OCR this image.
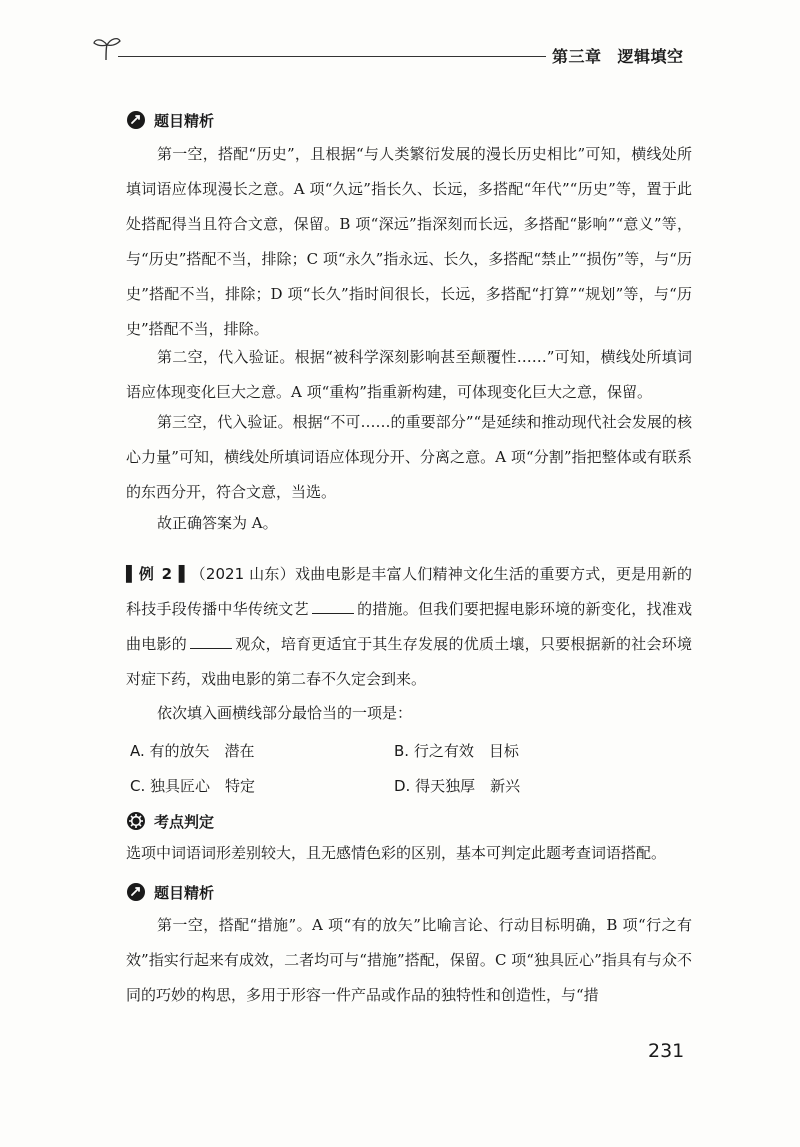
第三章 逻辑填空
题目精析

第一空，搭配“历史”，且根据“与人类繁衍发展的漫长历史相比”可知，横线处所填词语应体现漫长之意。A 项“久远”指长久、长远，多搭配“年代”“历史”等，置于此处搭配得当且符合文意，保留。B 项“深远”指深刻而长远，多搭配“影响”“意义”等，与“历史”搭配不当，排除；C 项“永久”指永远、长久，多搭配“禁止”“损伤”等，与“历史”搭配不当，排除；D 项“长久”指时间很长，长远，多搭配“打算”“规划”等，与“历史”搭配不当，排除。

第二空，代入验证。根据“被科学深刻影响甚至颠覆性……”可知，横线处所填词语应体现变化巨大之意。A 项“重构”指重新构建，可体现变化巨大之意，保留。

第三空，代入验证。根据“不可……的重要部分”“是延续和推动现代社会发展的核心力量”可知，横线处所填词语应体现分开、分离之意。A 项“分割”指把整体或有联系的东西分开，符合文意，当选。

故正确答案为 A。

▌例 2▐ （2021 山东）戏曲电影是丰富人们精神文化生活的重要方式，更是用新的科技手段传播中华传统文艺	的措施。但我们要把握电影环境的新变化，找准戏曲电影的	观众，培育更适宜于其生存发展的优质土壤，只要根据新的社会环境对症下药，戏曲电影的第二春不久定会到来。

依次填入画横线部分最恰当的一项是：

A. 有的放矢　潜在	B. 行之有效　目标
C. 独具匠心　特定	D. 得天独厚　新兴
考点判定

选项中词语词形差别较大，且无感情色彩的区别，基本可判定此题考查词语搭配。

题目精析

第一空，搭配“措施”。A 项“有的放矢”比喻言论、行动目标明确，B 项“行之有效”指实行起来有成效，二者均可与“措施”搭配，保留。C 项“独具匠心”指具有与众不同的巧妙的构思，多用于形容一件产品或作品的独特性和创造性，与“措

231
